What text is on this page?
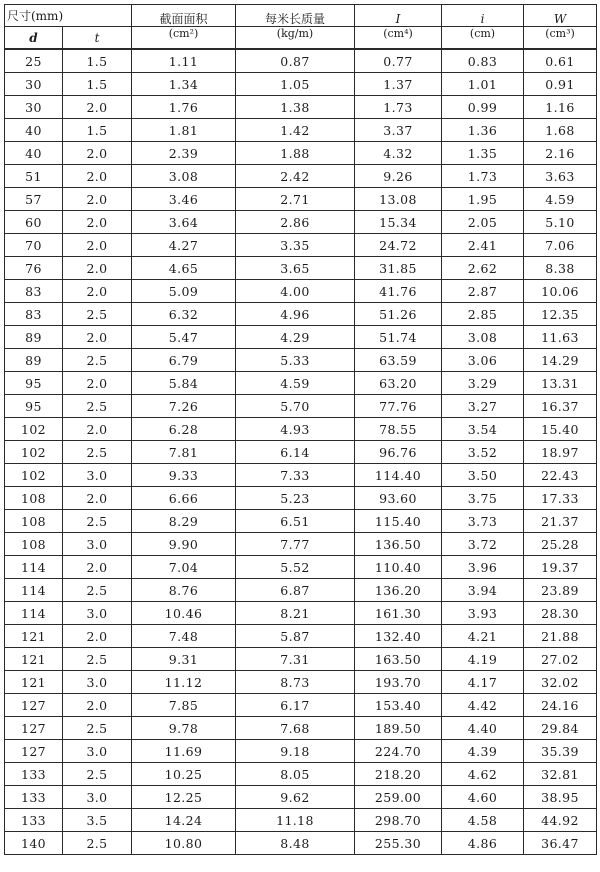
尺寸(mm)		截面面积	每米长质量	I	i	W
d	t	(cm²)	(kg/m)	(cm⁴)	(cm)	(cm³)
25	1.5	1.11	0.87	0.77	0.83	0.61
30	1.5	1.34	1.05	1.37	1.01	0.91
30	2.0	1.76	1.38	1.73	0.99	1.16
40	1.5	1.81	1.42	3.37	1.36	1.68
40	2.0	2.39	1.88	4.32	1.35	2.16
51	2.0	3.08	2.42	9.26	1.73	3.63
57	2.0	3.46	2.71	13.08	1.95	4.59
60	2.0	3.64	2.86	15.34	2.05	5.10
70	2.0	4.27	3.35	24.72	2.41	7.06
76	2.0	4.65	3.65	31.85	2.62	8.38
83	2.0	5.09	4.00	41.76	2.87	10.06
83	2.5	6.32	4.96	51.26	2.85	12.35
89	2.0	5.47	4.29	51.74	3.08	11.63
89	2.5	6.79	5.33	63.59	3.06	14.29
95	2.0	5.84	4.59	63.20	3.29	13.31
95	2.5	7.26	5.70	77.76	3.27	16.37
102	2.0	6.28	4.93	78.55	3.54	15.40
102	2.5	7.81	6.14	96.76	3.52	18.97
102	3.0	9.33	7.33	114.40	3.50	22.43
108	2.0	6.66	5.23	93.60	3.75	17.33
108	2.5	8.29	6.51	115.40	3.73	21.37
108	3.0	9.90	7.77	136.50	3.72	25.28
114	2.0	7.04	5.52	110.40	3.96	19.37
114	2.5	8.76	6.87	136.20	3.94	23.89
114	3.0	10.46	8.21	161.30	3.93	28.30
121	2.0	7.48	5.87	132.40	4.21	21.88
121	2.5	9.31	7.31	163.50	4.19	27.02
121	3.0	11.12	8.73	193.70	4.17	32.02
127	2.0	7.85	6.17	153.40	4.42	24.16
127	2.5	9.78	7.68	189.50	4.40	29.84
127	3.0	11.69	9.18	224.70	4.39	35.39
133	2.5	10.25	8.05	218.20	4.62	32.81
133	3.0	12.25	9.62	259.00	4.60	38.95
133	3.5	14.24	11.18	298.70	4.58	44.92
140	2.5	10.80	8.48	255.30	4.86	36.47
